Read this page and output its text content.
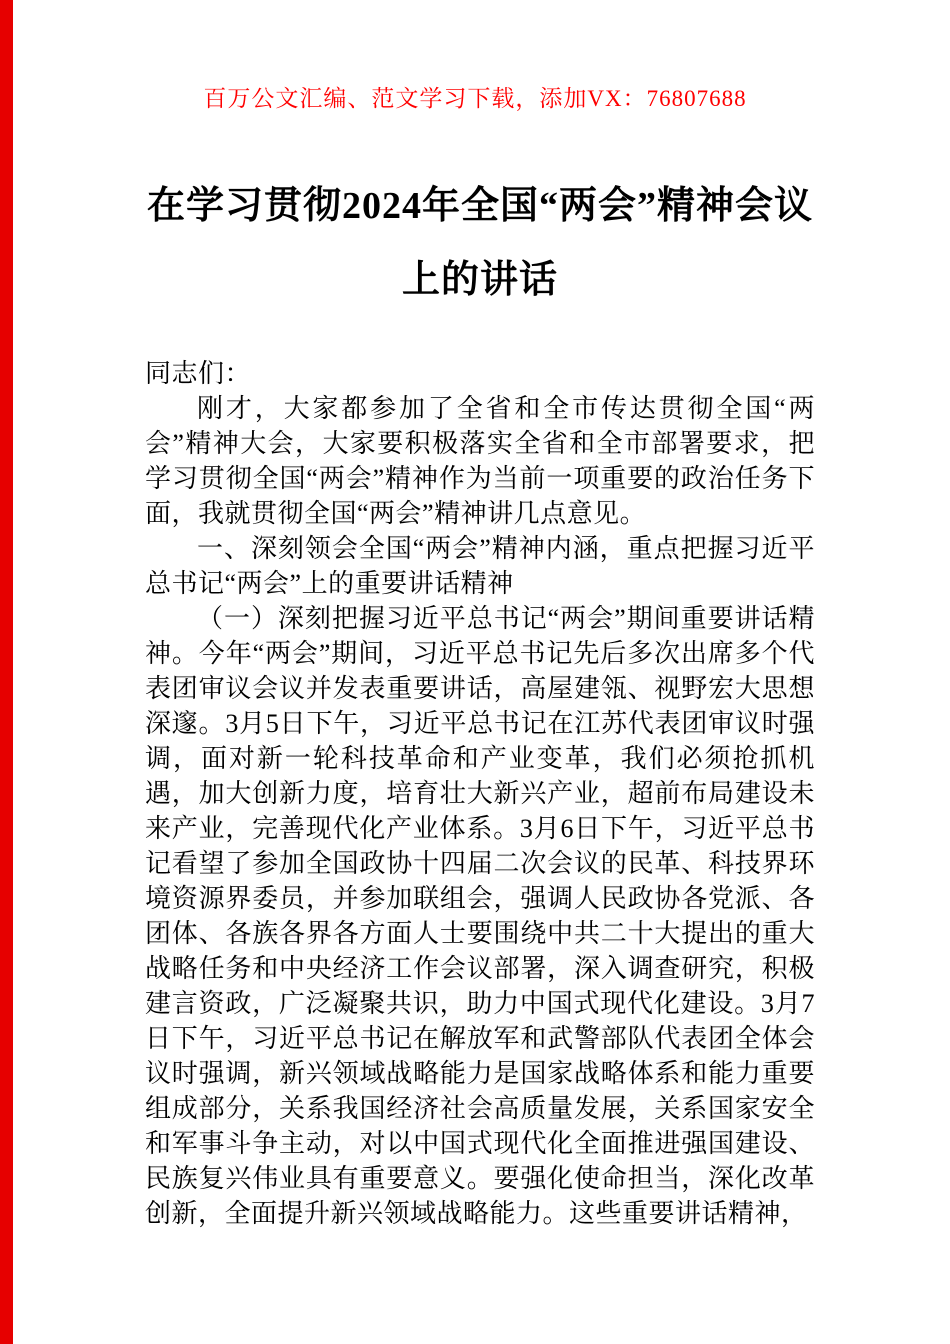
百万公文汇编、范文学习下载，添加VX：76807688
在学习贯彻2024年全国“两会”精神会议
上的讲话

同志们：

刚才，大家都参加了全省和全市传达贯彻全国“两会”精神大会，大家要积极落实全省和全市部署要求，把学习贯彻全国“两会”精神作为当前一项重要的政治任务下面，我就贯彻全国“两会”精神讲几点意见。

一、深刻领会全国“两会”精神内涵，重点把握习近平总书记“两会”上的重要讲话精神

（一）深刻把握习近平总书记“两会”期间重要讲话精神。今年“两会”期间，习近平总书记先后多次出席多个代表团审议会议并发表重要讲话，高屋建瓴、视野宏大思想深邃。3月5日下午，习近平总书记在江苏代表团审议时强调，面对新一轮科技革命和产业变革，我们必须抢抓机遇，加大创新力度，培育壮大新兴产业，超前布局建设未来产业，完善现代化产业体系。3月6日下午，习近平总书记看望了参加全国政协十四届二次会议的民革、科技界环境资源界委员，并参加联组会，强调人民政协各党派、各团体、各族各界各方面人士要围绕中共二十大提出的重大战略任务和中央经济工作会议部署，深入调查研究，积极建言资政，广泛凝聚共识，助力中国式现代化建设。3月7日下午，习近平总书记在解放军和武警部队代表团全体会议时强调，新兴领域战略能力是国家战略体系和能力重要组成部分，关系我国经济社会高质量发展，关系国家安全和军事斗争主动，对以中国式现代化全面推进强国建设、民族复兴伟业具有重要意义。要强化使命担当，深化改革创新，全面提升新兴领域战略能力。这些重要讲话精神，
